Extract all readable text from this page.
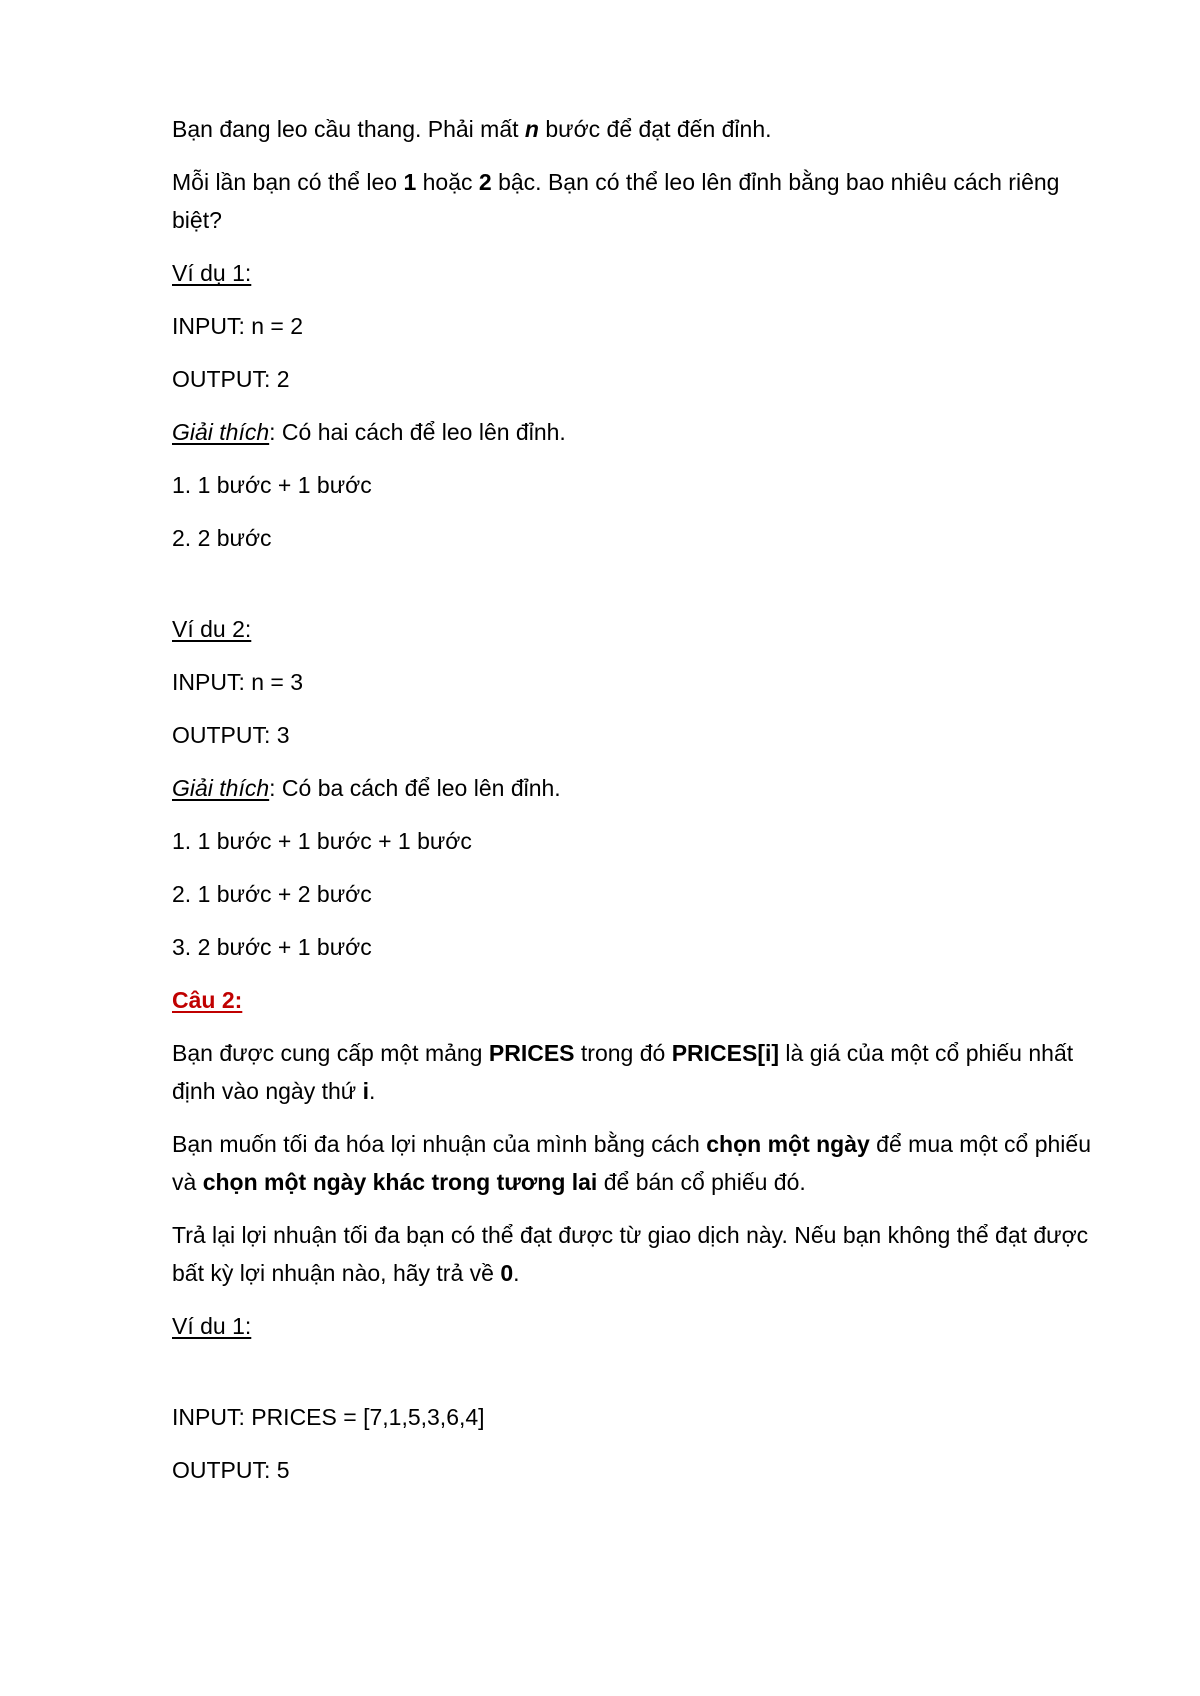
Bạn đang leo cầu thang. Phải mất n bước để đạt đến đỉnh.

Mỗi lần bạn có thể leo 1 hoặc 2 bậc. Bạn có thể leo lên đỉnh bằng bao nhiêu cách riêng biệt?

Ví dụ 1:

INPUT: n = 2

OUTPUT: 2

Giải thích: Có hai cách để leo lên đỉnh.

1. 1 bước + 1 bước

2. 2 bước

Ví du 2:

INPUT: n = 3

OUTPUT: 3

Giải thích: Có ba cách để leo lên đỉnh.

1. 1 bước + 1 bước + 1 bước

2. 1 bước + 2 bước

3. 2 bước + 1 bước

Câu 2:

Bạn được cung cấp một mảng PRICES trong đó PRICES[i] là giá của một cổ phiếu nhất định vào ngày thứ i.

Bạn muốn tối đa hóa lợi nhuận của mình bằng cách chọn một ngày để mua một cổ phiếu và chọn một ngày khác trong tương lai để bán cổ phiếu đó.

Trả lại lợi nhuận tối đa bạn có thể đạt được từ giao dịch này. Nếu bạn không thể đạt được bất kỳ lợi nhuận nào, hãy trả về 0.

Ví du 1:

INPUT: PRICES = [7,1,5,3,6,4]

OUTPUT: 5
